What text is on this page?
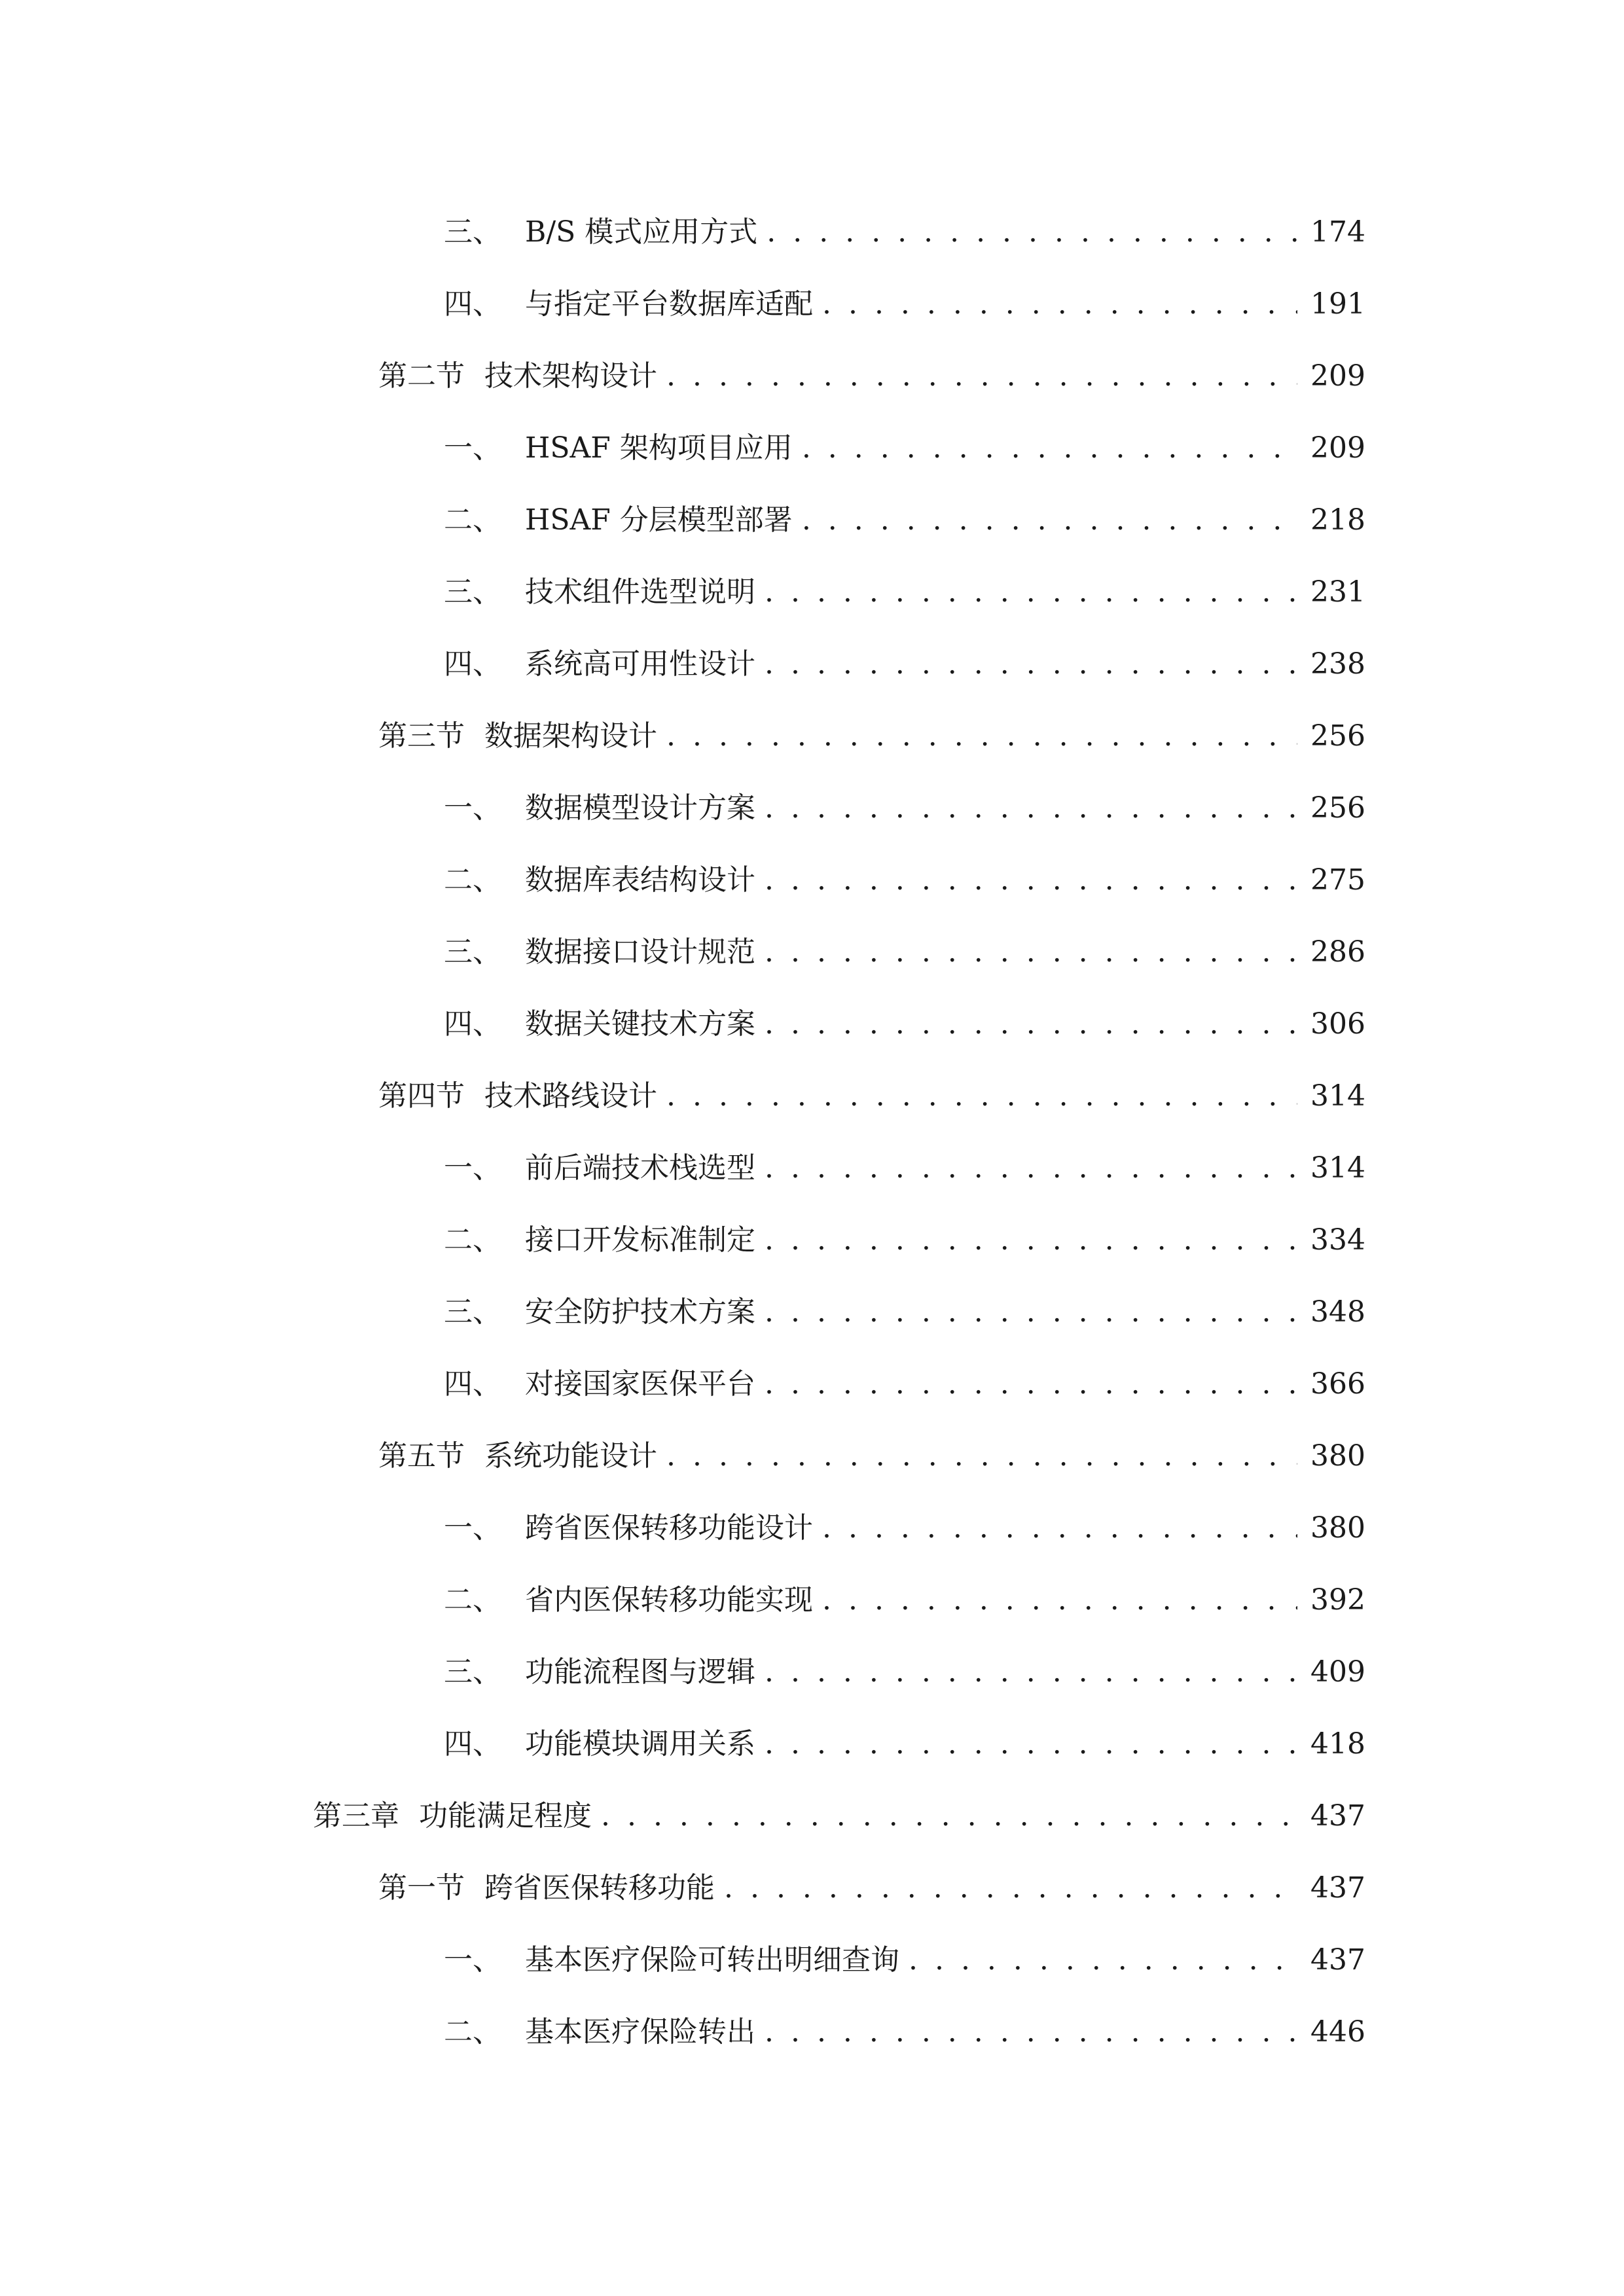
三、 B/S 模式应用方式 . . .	174
四、 与指定平台数据库适配 . . .	191
第二节 技术架构设计 . . .	209
一、 HSAF 架构项目应用 . . .	209
二、 HSAF 分层模型部署 . . .	218
三、 技术组件选型说明 . . .	231
四、 系统高可用性设计 . . .	238
第三节 数据架构设计 . . .	256
一、 数据模型设计方案 . . .	256
二、 数据库表结构设计 . . .	275
三、 数据接口设计规范 . . .	286
四、 数据关键技术方案 . . .	306
第四节 技术路线设计 . . .	314
一、 前后端技术栈选型 . . .	314
二、 接口开发标准制定 . . .	334
三、 安全防护技术方案 . . .	348
四、 对接国家医保平台 . . .	366
第五节 系统功能设计 . . .	380
一、 跨省医保转移功能设计 . . .	380
二、 省内医保转移功能实现 . . .	392
三、 功能流程图与逻辑 . . .	409
四、 功能模块调用关系 . . .	418
第三章 功能满足程度 . . .	437
第一节 跨省医保转移功能 . . .	437
一、 基本医疗保险可转出明细查询 . . .	437
二、 基本医疗保险转出 . . .	446
